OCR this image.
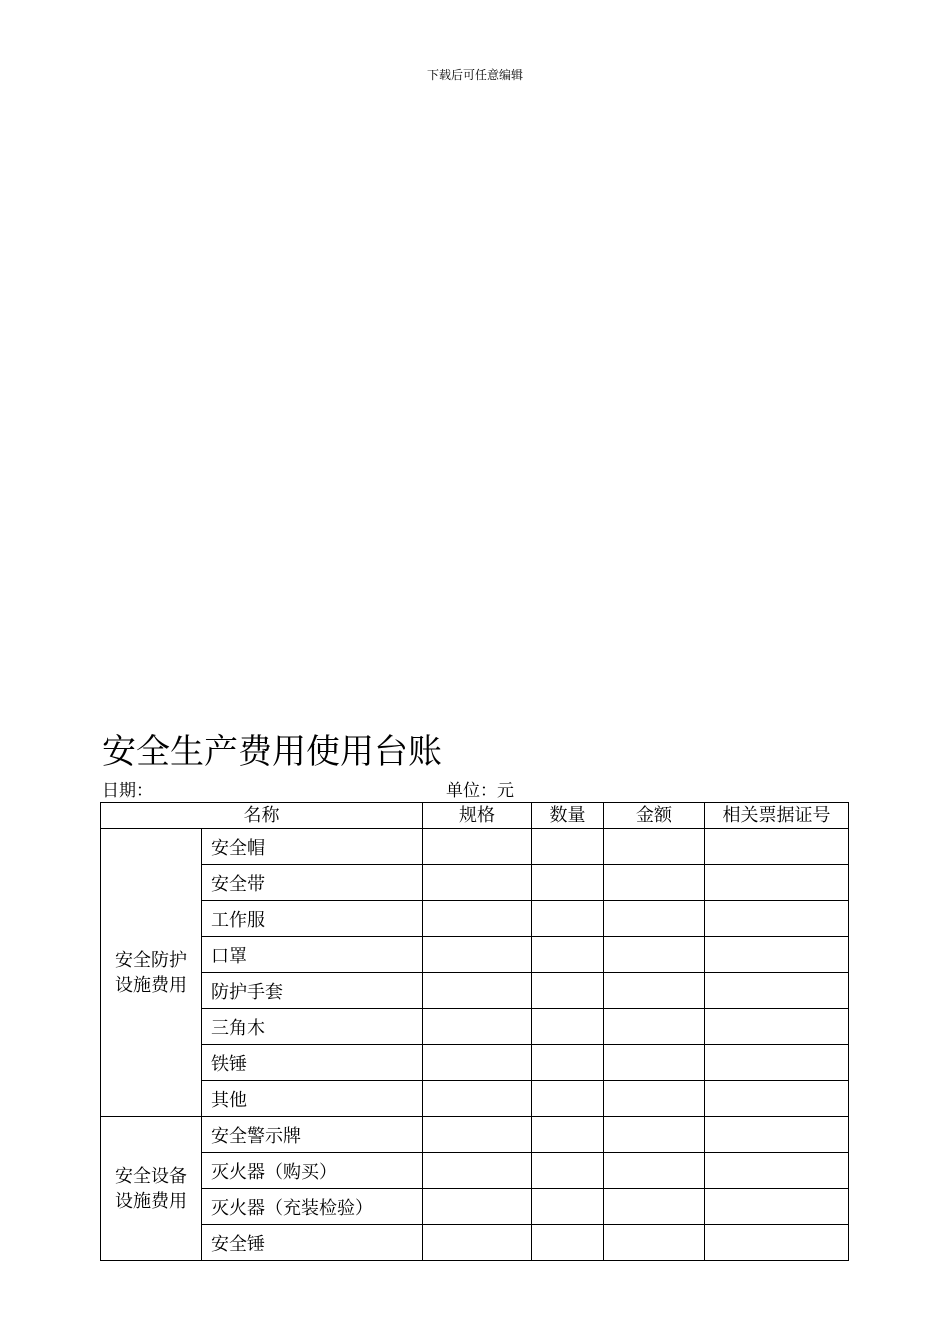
下载后可任意编辑
安全生产费用使用台账
日期：	单位：元
名称		规格	数量	金额	相关票据证号

安全防护
设施费用	安全帽				
	安全带				
	工作服				
	口罩				
	防护手套				
	三角木				
	铁锤				
	其他				

安全设备
设施费用	安全警示牌				
	灭火器（购买）				
	灭火器（充装检验）				
	安全锤				
